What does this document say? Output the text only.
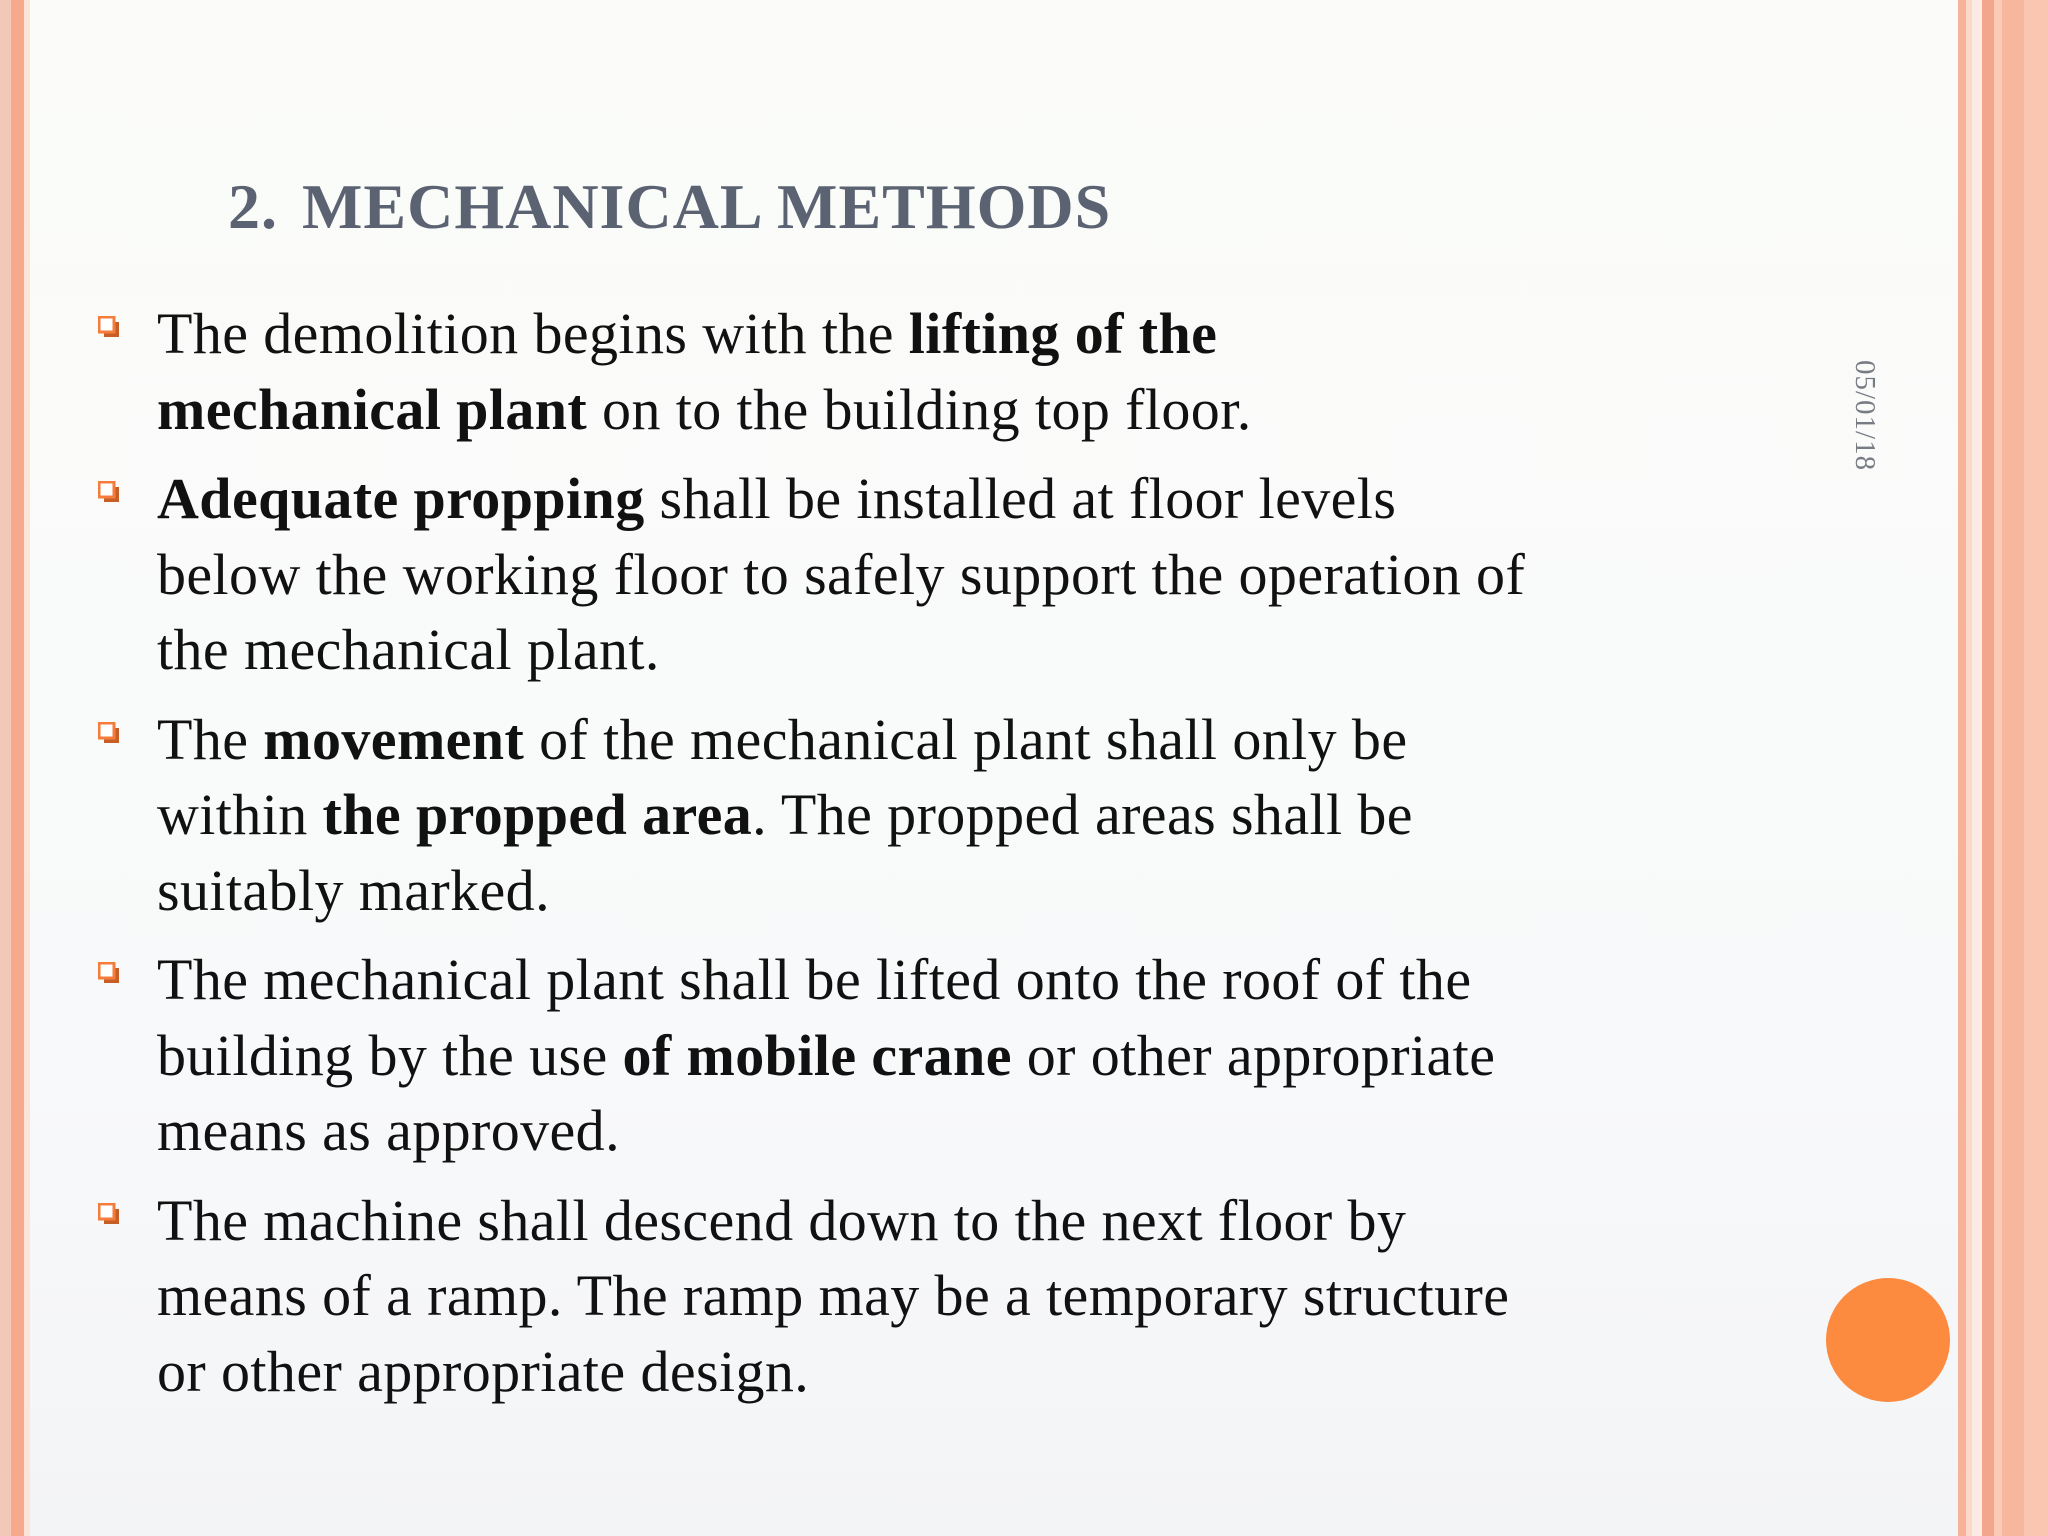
05/01/18
2. MECHANICAL METHODS
The demolition begins with the lifting of the
mechanical plant on to the building top floor.
Adequate propping shall be installed at floor levels
below the working floor to safely support the operation of
the mechanical plant.
The movement of the mechanical plant shall only be
within the propped area. The propped areas shall be
suitably marked.
The mechanical plant shall be lifted onto the roof of the
building by the use of mobile crane or other appropriate
means as approved.
The machine shall descend down to the next floor by
means of a ramp. The ramp may be a temporary structure
or other appropriate design.
